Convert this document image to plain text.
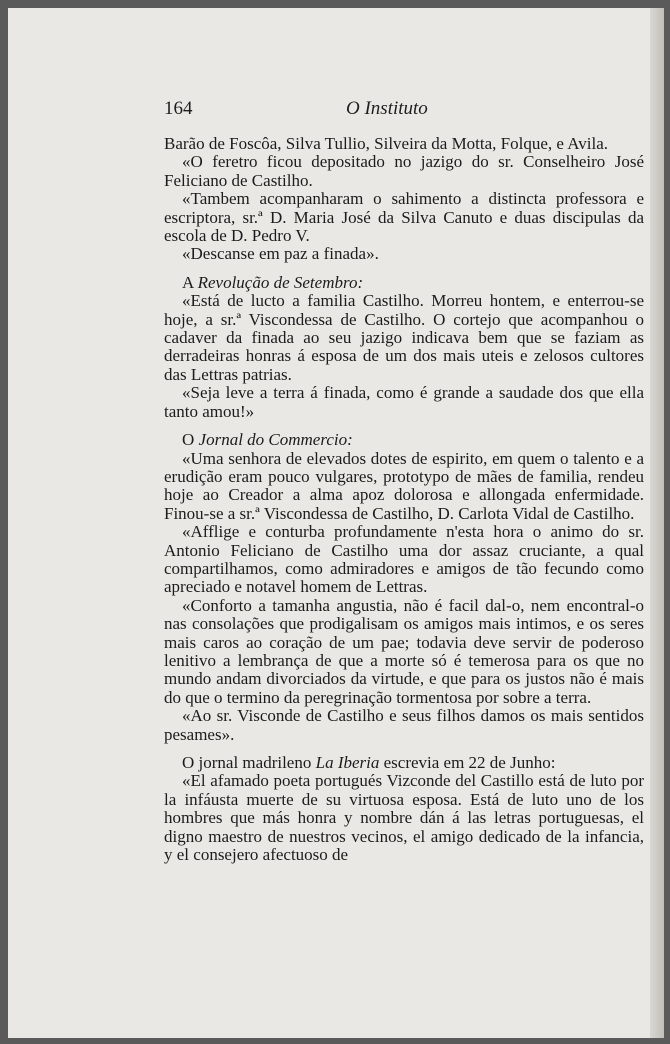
164	O Instituto

Barão de Foscôa, Silva Tullio, Silveira da Motta, Folque, e Avila.

«O feretro ficou depositado no jazigo do sr. Conselheiro José Feliciano de Castilho.

«Tambem acompanharam o sahimento a distincta professora e escriptora, sr.ª D. Maria José da Silva Canuto e duas discipulas da escola de D. Pedro V.

«Descanse em paz a finada».

A Revolução de Setembro:

«Está de lucto a familia Castilho. Morreu hontem, e enterrou-se hoje, a sr.ª Viscondessa de Castilho. O cortejo que acompanhou o cadaver da finada ao seu jazigo indicava bem que se faziam as derradeiras honras á esposa de um dos mais uteis e zelosos cultores das Lettras patrias.

«Seja leve a terra á finada, como é grande a saudade dos que ella tanto amou!»

O Jornal do Commercio:

«Uma senhora de elevados dotes de espirito, em quem o talento e a erudição eram pouco vulgares, prototypo de mães de familia, rendeu hoje ao Creador a alma apoz dolorosa e allongada enfermidade. Finou-se a sr.ª Viscondessa de Castilho, D. Carlota Vidal de Castilho.

«Afflige e conturba profundamente n'esta hora o animo do sr. Antonio Feliciano de Castilho uma dor assaz cruciante, a qual compartilhamos, como admiradores e amigos de tão fecundo como apreciado e notavel homem de Lettras.

«Conforto a tamanha angustia, não é facil dal-o, nem encontral-o nas consolações que prodigalisam os amigos mais intimos, e os seres mais caros ao coração de um pae; todavia deve servir de poderoso lenitivo a lembrança de que a morte só é temerosa para os que no mundo andam divorciados da virtude, e que para os justos não é mais do que o termino da peregrinação tormentosa por sobre a terra.

«Ao sr. Visconde de Castilho e seus filhos damos os mais sentidos pesames».

O jornal madrileno La Iberia escrevia em 22 de Junho:

«El afamado poeta portugués Vizconde del Castillo está de luto por la infáusta muerte de su virtuosa esposa. Está de luto uno de los hombres que más honra y nombre dán á las letras portuguesas, el digno maestro de nuestros vecinos, el amigo dedicado de la infancia, y el consejero afectuoso de
